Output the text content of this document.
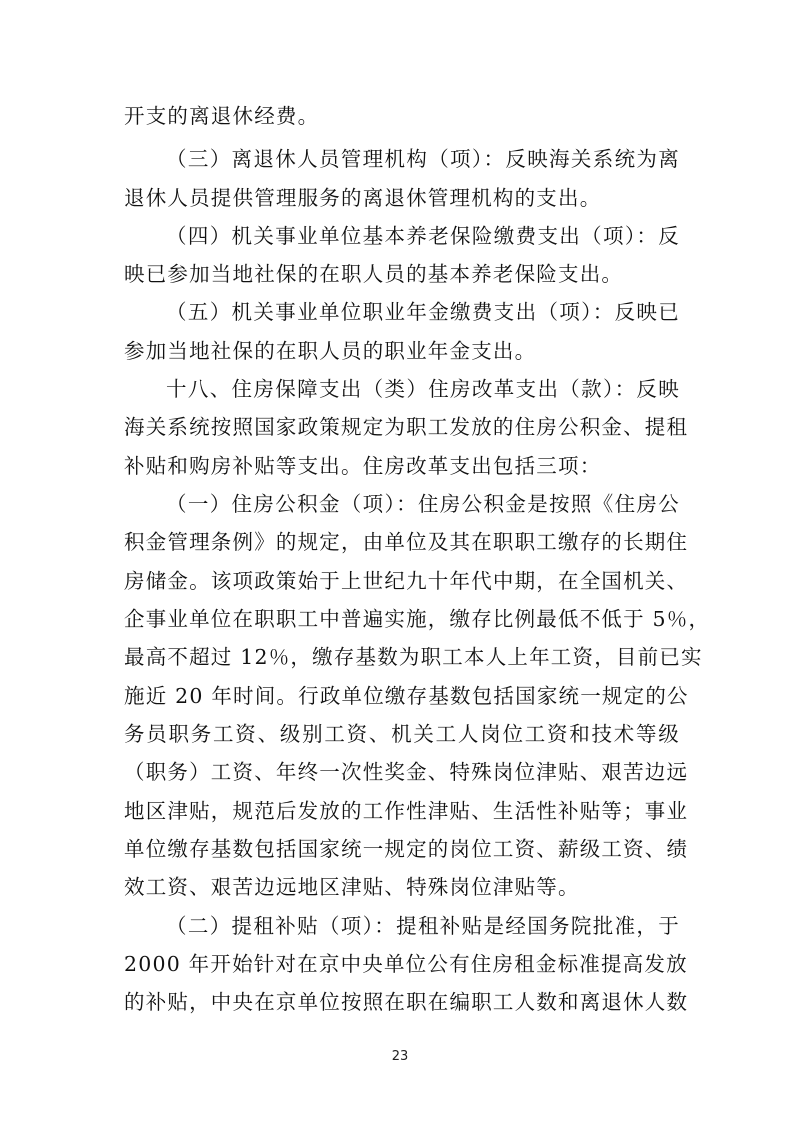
开支的离退休经费。
（三）离退休人员管理机构（项）：反映海关系统为离
退休人员提供管理服务的离退休管理机构的支出。
（四）机关事业单位基本养老保险缴费支出（项）：反
映已参加当地社保的在职人员的基本养老保险支出。
（五）机关事业单位职业年金缴费支出（项）：反映已
参加当地社保的在职人员的职业年金支出。
十八、住房保障支出（类）住房改革支出（款）：反映
海关系统按照国家政策规定为职工发放的住房公积金、提租
补贴和购房补贴等支出。住房改革支出包括三项：
（一）住房公积金（项）：住房公积金是按照《住房公
积金管理条例》的规定，由单位及其在职职工缴存的长期住
房储金。该项政策始于上世纪九十年代中期，在全国机关、
企事业单位在职职工中普遍实施，缴存比例最低不低于 5％，
最高不超过 12％，缴存基数为职工本人上年工资，目前已实
施近 20 年时间。行政单位缴存基数包括国家统一规定的公
务员职务工资、级别工资、机关工人岗位工资和技术等级
（职务）工资、年终一次性奖金、特殊岗位津贴、艰苦边远
地区津贴，规范后发放的工作性津贴、生活性补贴等；事业
单位缴存基数包括国家统一规定的岗位工资、薪级工资、绩
效工资、艰苦边远地区津贴、特殊岗位津贴等。
（二）提租补贴（项）：提租补贴是经国务院批准，于
2000 年开始针对在京中央单位公有住房租金标准提高发放
的补贴，中央在京单位按照在职在编职工人数和离退休人数
23
